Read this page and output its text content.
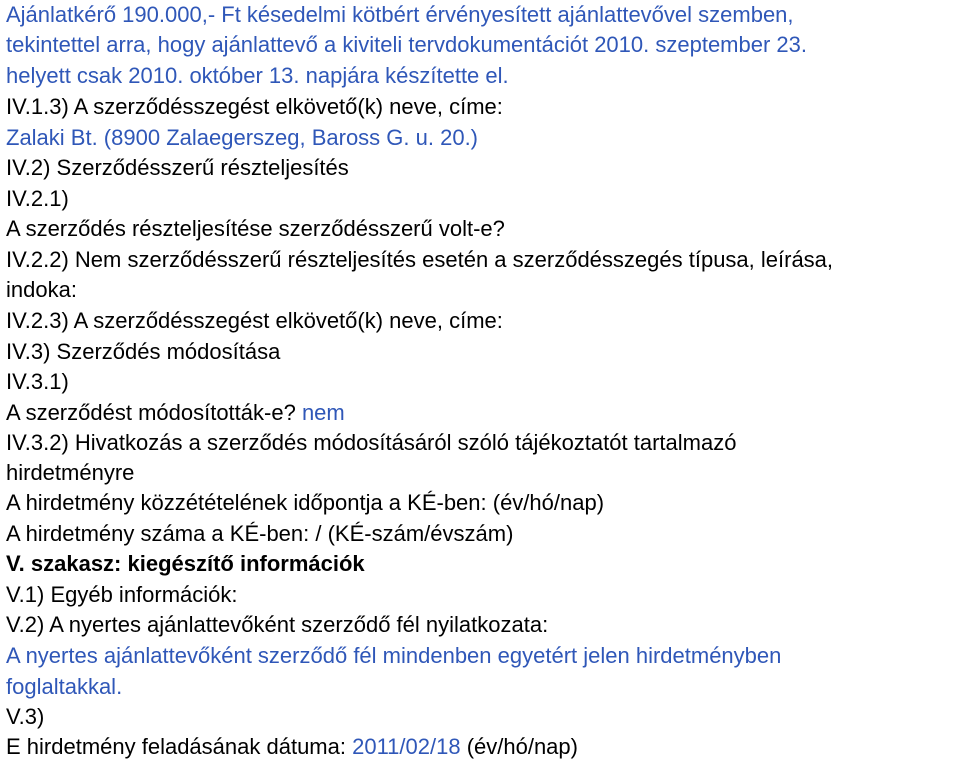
Ajánlatkérő 190.000,- Ft késedelmi kötbért érvényesített ajánlattevővel szemben,
tekintettel arra, hogy ajánlattevő a kiviteli tervdokumentációt 2010. szeptember 23.
helyett csak 2010. október 13. napjára készítette el.
IV.1.3) A szerződésszegést elkövető(k) neve, címe:
Zalaki Bt. (8900 Zalaegerszeg, Baross G. u. 20.)
IV.2) Szerződésszerű részteljesítés
IV.2.1)
A szerződés részteljesítése szerződésszerű volt-e?
IV.2.2) Nem szerződésszerű részteljesítés esetén a szerződésszegés típusa, leírása,
indoka:
IV.2.3) A szerződésszegést elkövető(k) neve, címe:
IV.3) Szerződés módosítása
IV.3.1)
A szerződést módosították-e? nem
IV.3.2) Hivatkozás a szerződés módosításáról szóló tájékoztatót tartalmazó
hirdetményre
A hirdetmény közzétételének időpontja a KÉ-ben: (év/hó/nap)
A hirdetmény száma a KÉ-ben: / (KÉ-szám/évszám)
V. szakasz: kiegészítő információk
V.1) Egyéb információk:
V.2) A nyertes ajánlattevőként szerződő fél nyilatkozata:
A nyertes ajánlattevőként szerződő fél mindenben egyetért jelen hirdetményben
foglaltakkal.
V.3)
E hirdetmény feladásának dátuma: 2011/02/18 (év/hó/nap)
